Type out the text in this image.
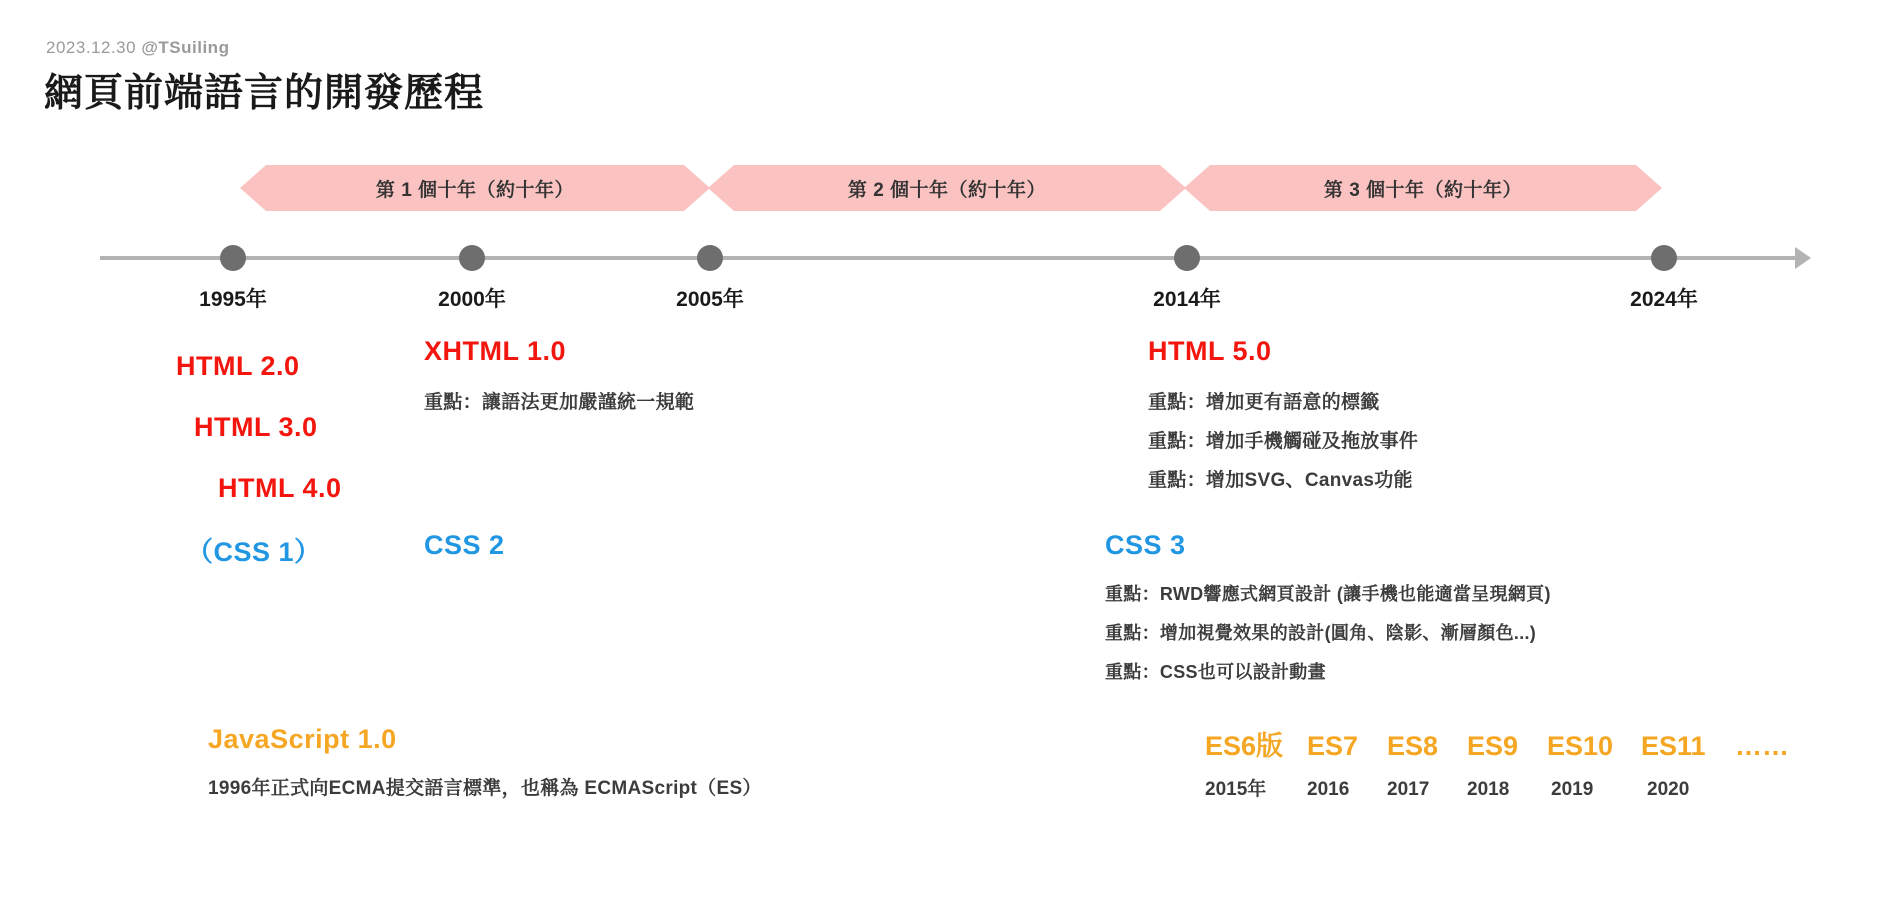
2023.12.30 @TSuiling
網頁前端語言的開發歷程
第 1 個十年（約十年）	第 2 個十年（約十年）	第 3 個十年（約十年）
1995年	2000年	2005年	2014年	2024年
HTML 2.0
HTML 3.0
HTML 4.0
XHTML 1.0
重點：讓語法更加嚴謹統一規範
HTML 5.0
重點：增加更有語意的標籤
重點：增加手機觸碰及拖放事件
重點：增加SVG、Canvas功能
（CSS 1）	CSS 2	CSS 3
重點：RWD響應式網頁設計 (讓手機也能適當呈現網頁)
重點：增加視覺效果的設計(圓角、陰影、漸層顏色...)
重點：CSS也可以設計動畫
JavaScript 1.0
1996年正式向ECMA提交語言標準，也稱為 ECMAScript（ES）
ES6版 ES7	ES8	ES9	ES10	ES11	……
2015年	2016	2017	2018	2019	2020
